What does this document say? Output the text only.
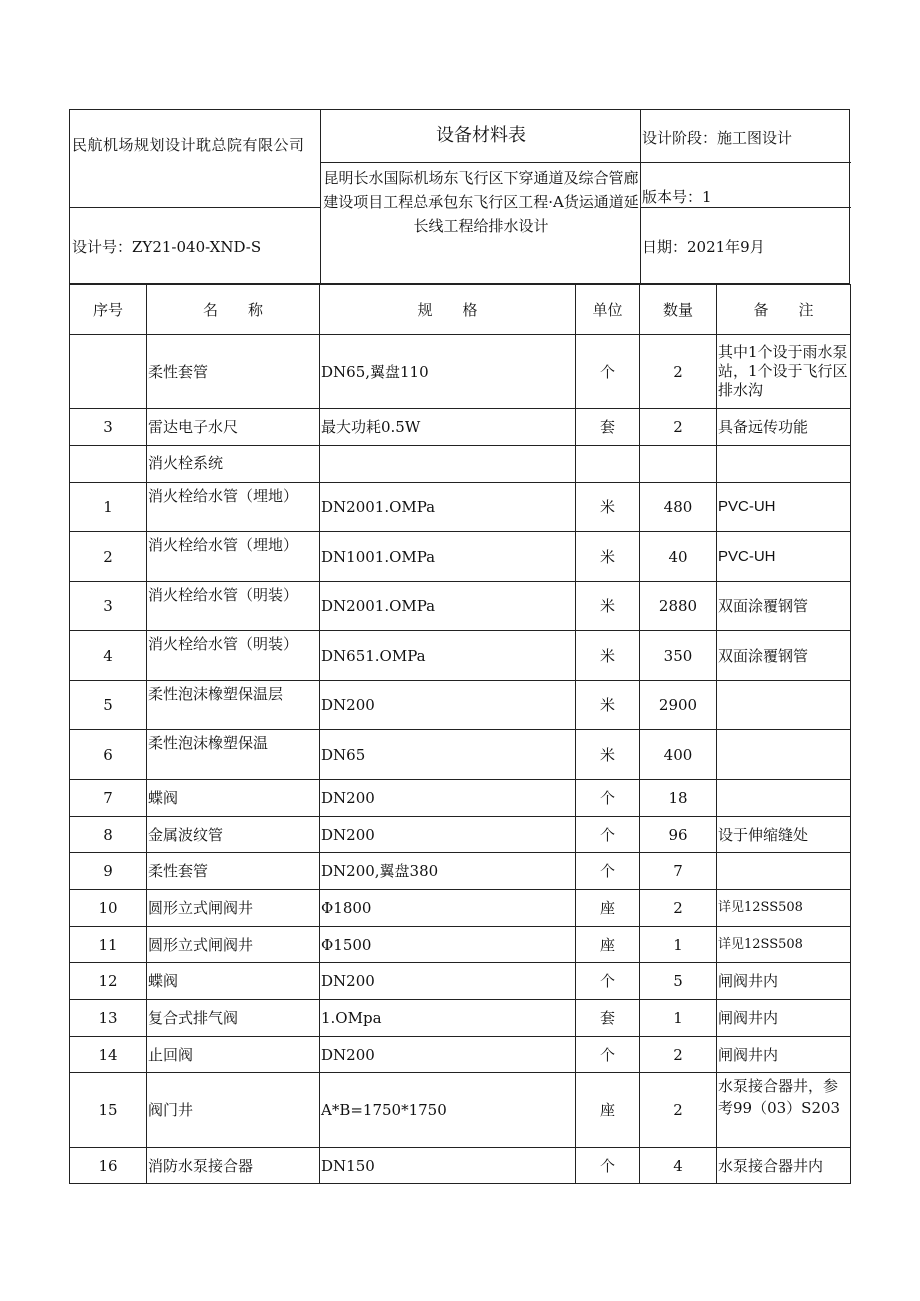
民航机场规划设计耽总院有限公司
设计号：ZY21-040-XND-S
设备材料表
昆明长水国际机场东飞行区下穿通道及综合管廊建设项目工程总承包东飞行区工程·A货运通道延长线工程给排水设计
设计阶段：施工图设计
版本号：1
日期：2021年9月
序号	名　　称	规　　格	单位	数量	备　　注
	柔性套管	DN65,翼盘110	个	2	其中1个设于雨水泵站，1个设于飞行区排水沟
3	雷达电子水尺	最大功耗0.5W	套	2	具备远传功能
	消火栓系统				
1	消火栓给水管（埋地）	DN2001.OMPa	米	480	PVC-UH
2	消火栓给水管（埋地）	DN1001.OMPa	米	40	PVC-UH
3	消火栓给水管（明装）	DN2001.OMPa	米	2880	双面涂覆钢管
4	消火栓给水管（明装）	DN651.OMPa	米	350	双面涂覆钢管
5	柔性泡沫橡塑保温层	DN200	米	2900	
6	柔性泡沫橡塑保温	DN65	米	400	
7	蝶阀	DN200	个	18	
8	金属波纹管	DN200	个	96	设于伸缩缝处
9	柔性套管	DN200,翼盘380	个	7	
10	圆形立式闸阀井	Φ1800	座	2	详见12SS508
11	圆形立式闸阀井	Φ1500	座	1	详见12SS508
12	蝶阀	DN200	个	5	闸阀井内
13	复合式排气阀	1.OMpa	套	1	闸阀井内
14	止回阀	DN200	个	2	闸阀井内
15	阀门井	A*B=1750*1750	座	2	水泵接合器井，参考99（03）S203
16	消防水泵接合器	DN150	个	4	水泵接合器井内
